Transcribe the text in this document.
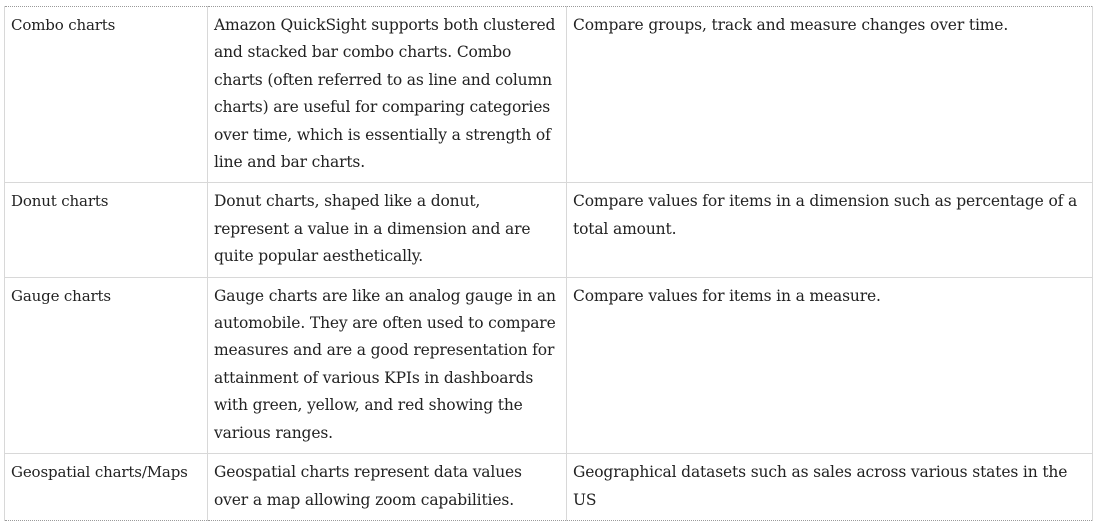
Combo charts	Amazon QuickSight supports both clustered and stacked bar combo charts. Combo charts (often referred to as line and column charts) are useful for comparing categories over time, which is essentially a strength of line and bar charts.	Compare groups, track and measure changes over time.
Donut charts	Donut charts, shaped like a donut, represent a value in a dimension and are quite popular aesthetically.	Compare values for items in a dimension such as percentage of a total amount.
Gauge charts	Gauge charts are like an analog gauge in an automobile. They are often used to compare measures and are a good representation for attainment of various KPIs in dashboards with green, yellow, and red showing the various ranges.	Compare values for items in a measure.
Geospatial charts/Maps	Geospatial charts represent data values over a map allowing zoom capabilities.	Geographical datasets such as sales across various states in the US
